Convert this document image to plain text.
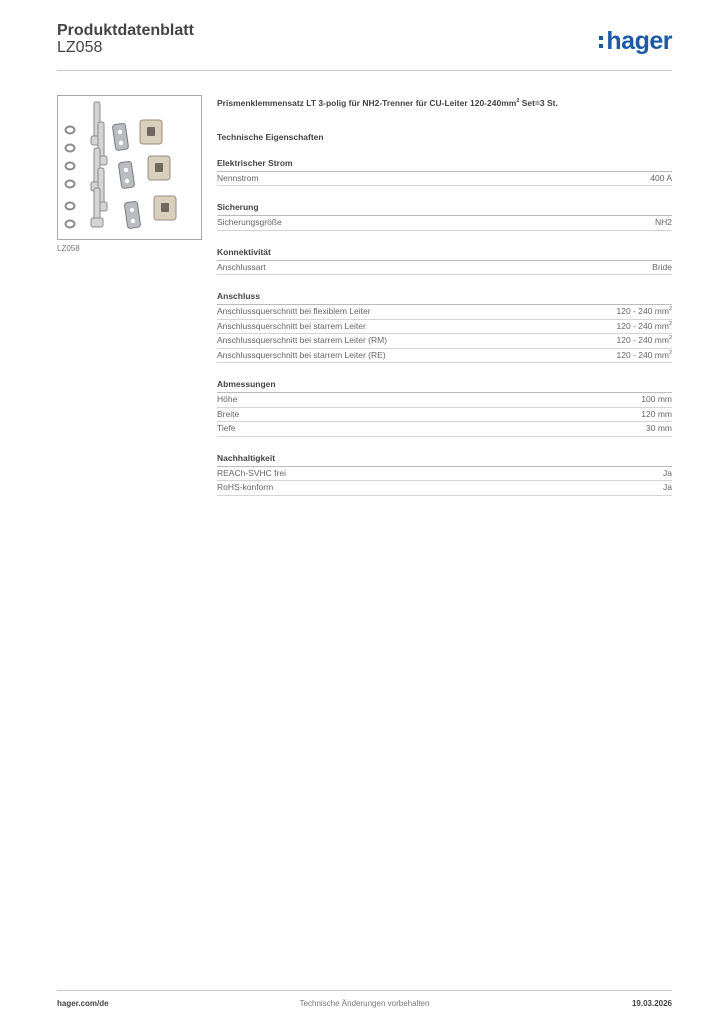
Produktdatenblatt
LZ058	hager
LZ058
Prismenklemmensatz LT 3-polig für NH2-Trenner für CU-Leiter $120-240mm^2$ Set=3 St.
Technische Eigenschaften
Elektrischer Strom
Nennstrom	400 A
Sicherung
Sicherungsgröße	NH2
Konnektivität
Anschlussart	Bride
Anschluss
Anschlussquerschnitt bei flexiblem Leiter	120 - 240 $mm^2$
Anschlussquerschnitt bei starrem Leiter	120 - 240 $mm^2$
Anschlussquerschnitt bei starrem Leiter (RM)	120 - 240 $mm^2$
Anschlussquerschnitt bei starrem Leiter (RE)	120 - 240 $mm^2$
Abmessungen
Höhe	100 mm
Breite	120 mm
Tiefe	30 mm
Nachhaltigkeit
REACh-SVHC frei	Ja
RoHS-konform	Ja
hager.com/de	Technische Änderungen vorbehalten	19.03.2026
